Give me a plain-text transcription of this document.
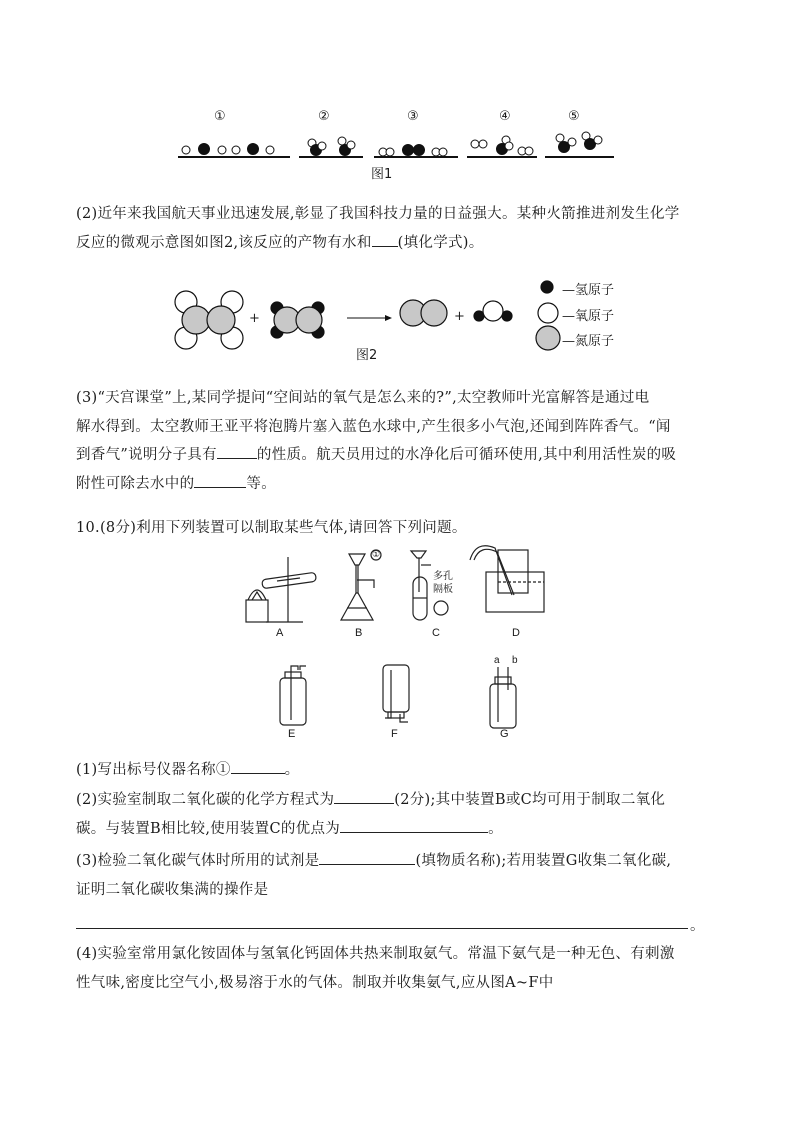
①	②	③	④	⑤
图1
(2)近年来我国航天事业迅速发展,彰显了我国科技力量的日益强大。某种火箭推进剂发生化学
反应的微观示意图如图2,该反应的产物有水和 (填化学式)。
+	+
—氢原子
—氧原子
—氮原子
图2
(3)“天宫课堂”上,某同学提问“空间站的氧气是怎么来的?”,太空教师叶光富解答是通过电
解水得到。太空教师王亚平将泡腾片塞入蓝色水球中,产生很多小气泡,还闻到阵阵香气。“闻
到香气”说明分子具有	的性质。航天员用过的水净化后可循环使用,其中利用活性炭的吸
附性可除去水中的	等。
10.(8分)利用下列装置可以制取某些气体,请回答下列问题。
A	B	C	D
E	F	G
①
多孔
隔板
a b
(1)写出标号仪器名称①	。
(2)实验室制取二氧化碳的化学方程式为	(2分);其中装置B或C均可用于制取二氧化
碳。与装置B相比较,使用装置C的优点为	。
(3)检验二氧化碳气体时所用的试剂是	(填物质名称);若用装置G收集二氧化碳,
证明二氧化碳收集满的操作是
。
(4)实验室常用氯化铵固体与氢氧化钙固体共热来制取氨气。常温下氨气是一种无色、有刺激
性气味,密度比空气小,极易溶于水的气体。制取并收集氨气,应从图A~F中
